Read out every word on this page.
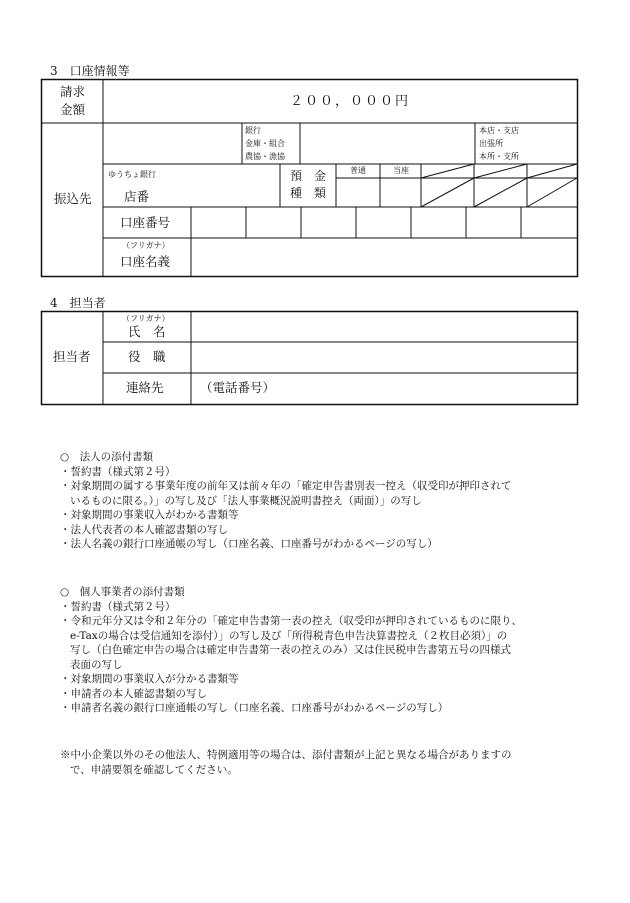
3　口座情報等
請求
金額
２００，０００円
振込先
銀行
金庫・組合
農協・漁協
本店・支店
出張所
本所・支所
ゆうちょ銀行
店番
預　金
種　類
普通	当座
口座番号
（フリガナ）
口座名義
4　担当者
担当者
（フリガナ）
氏　名
役　職
連絡先	（電話番号）
○　法人の添付書類
・誓約書（様式第２号）
・対象期間の属する事業年度の前年又は前々年の「確定申告書別表一控え（収受印が押印されて
いるものに限る。）」の写し及び「法人事業概況説明書控え（両面）」の写し
・対象期間の事業収入がわかる書類等
・法人代表者の本人確認書類の写し
・法人名義の銀行口座通帳の写し（口座名義、口座番号がわかるページの写し）
○　個人事業者の添付書類
・誓約書（様式第２号）
・令和元年分又は令和２年分の「確定申告書第一表の控え（収受印が押印されているものに限り、
e-Taxの場合は受信通知を添付）」の写し及び「所得税青色申告決算書控え（２枚目必須）」の
写し（白色確定申告の場合は確定申告書第一表の控えのみ）又は住民税申告書第五号の四様式
表面の写し
・対象期間の事業収入が分かる書類等
・申請者の本人確認書類の写し
・申請者名義の銀行口座通帳の写し（口座名義、口座番号がわかるページの写し）
※中小企業以外のその他法人、特例適用等の場合は、添付書類が上記と異なる場合がありますの
で、申請要領を確認してください。
